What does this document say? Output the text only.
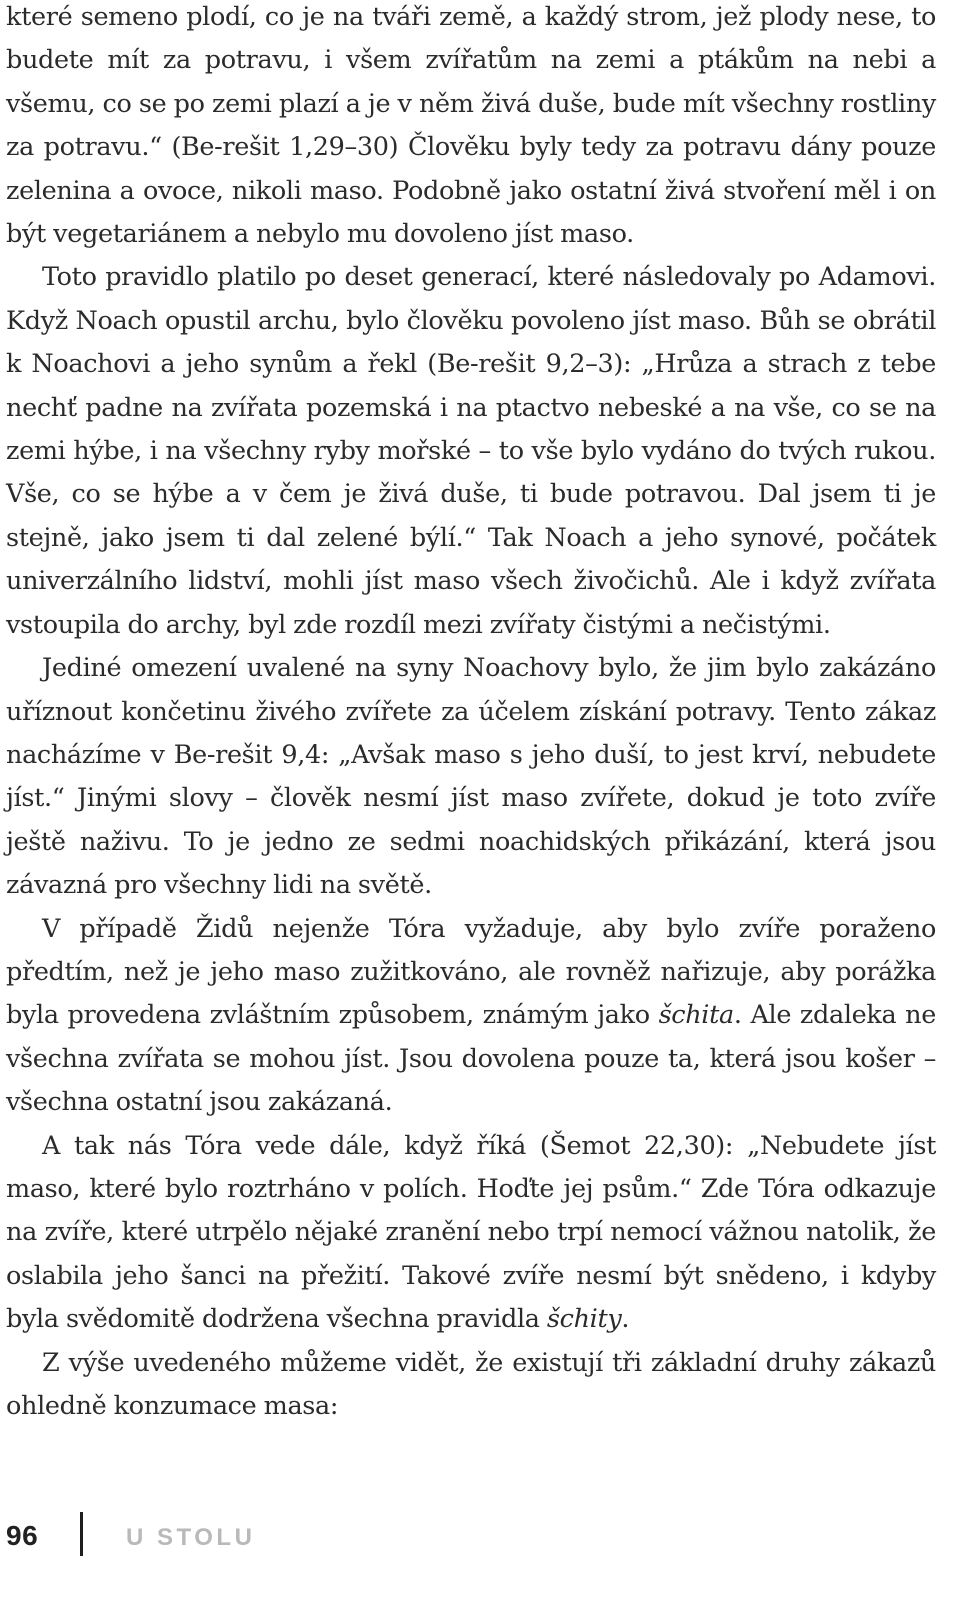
které semeno plodí, co je na tváři země, a každý strom, jež plody nese, to budete mít za potravu, i všem zvířatům na zemi a ptákům na nebi a všemu, co se po zemi plazí a je v něm živá duše, bude mít všechny rostliny za potravu.“ (Be-rešit 1,29–30) Člověku byly tedy za potravu dány pouze zelenina a ovoce, nikoli maso. Podobně jako ostatní živá stvoření měl i on být vegetariánem a nebylo mu dovoleno jíst maso.

Toto pravidlo platilo po deset generací, které následovaly po Adamovi. Když Noach opustil archu, bylo člověku povoleno jíst maso. Bůh se obrátil k Noachovi a jeho synům a řekl (Be-rešit 9,2–3): „Hrůza a strach z tebe nechť padne na zvířata pozemská i na ptactvo nebeské a na vše, co se na zemi hýbe, i na všechny ryby mořské – to vše bylo vydáno do tvých rukou. Vše, co se hýbe a v čem je živá duše, ti bude potravou. Dal jsem ti je stejně, jako jsem ti dal zelené býlí.“ Tak Noach a jeho synové, počátek univerzálního lidství, mohli jíst maso všech živočichů. Ale i když zvířata vstoupila do archy, byl zde rozdíl mezi zvířaty čistými a nečistými.

Jediné omezení uvalené na syny Noachovy bylo, že jim bylo zakázáno uříznout končetinu živého zvířete za účelem získání potravy. Tento zákaz nacházíme v Be-rešit 9,4: „Avšak maso s jeho duší, to jest krví, nebudete jíst.“ Jinými slovy – člověk nesmí jíst maso zvířete, dokud je toto zvíře ještě naživu. To je jedno ze sedmi noachidských přikázání, která jsou závazná pro všechny lidi na světě.

V případě Židů nejenže Tóra vyžaduje, aby bylo zvíře poraženo předtím, než je jeho maso zužitkováno, ale rovněž nařizuje, aby porážka byla provedena zvláštním způsobem, známým jako šchita. Ale zdaleka ne všechna zvířata se mohou jíst. Jsou dovolena pouze ta, která jsou košer – všechna ostatní jsou zakázaná.

A tak nás Tóra vede dále, když říká (Šemot 22,30): „Nebudete jíst maso, které bylo roztrháno v polích. Hoďte jej psům.“ Zde Tóra odkazuje na zvíře, které utrpělo nějaké zranění nebo trpí nemocí vážnou natolik, že oslabila jeho šanci na přežití. Takové zvíře nesmí být snědeno, i kdyby byla svědomitě dodržena všechna pravidla šchity.

Z výše uvedeného můžeme vidět, že existují tři základní druhy zákazů ohledně konzumace masa:

96	U STOLU
